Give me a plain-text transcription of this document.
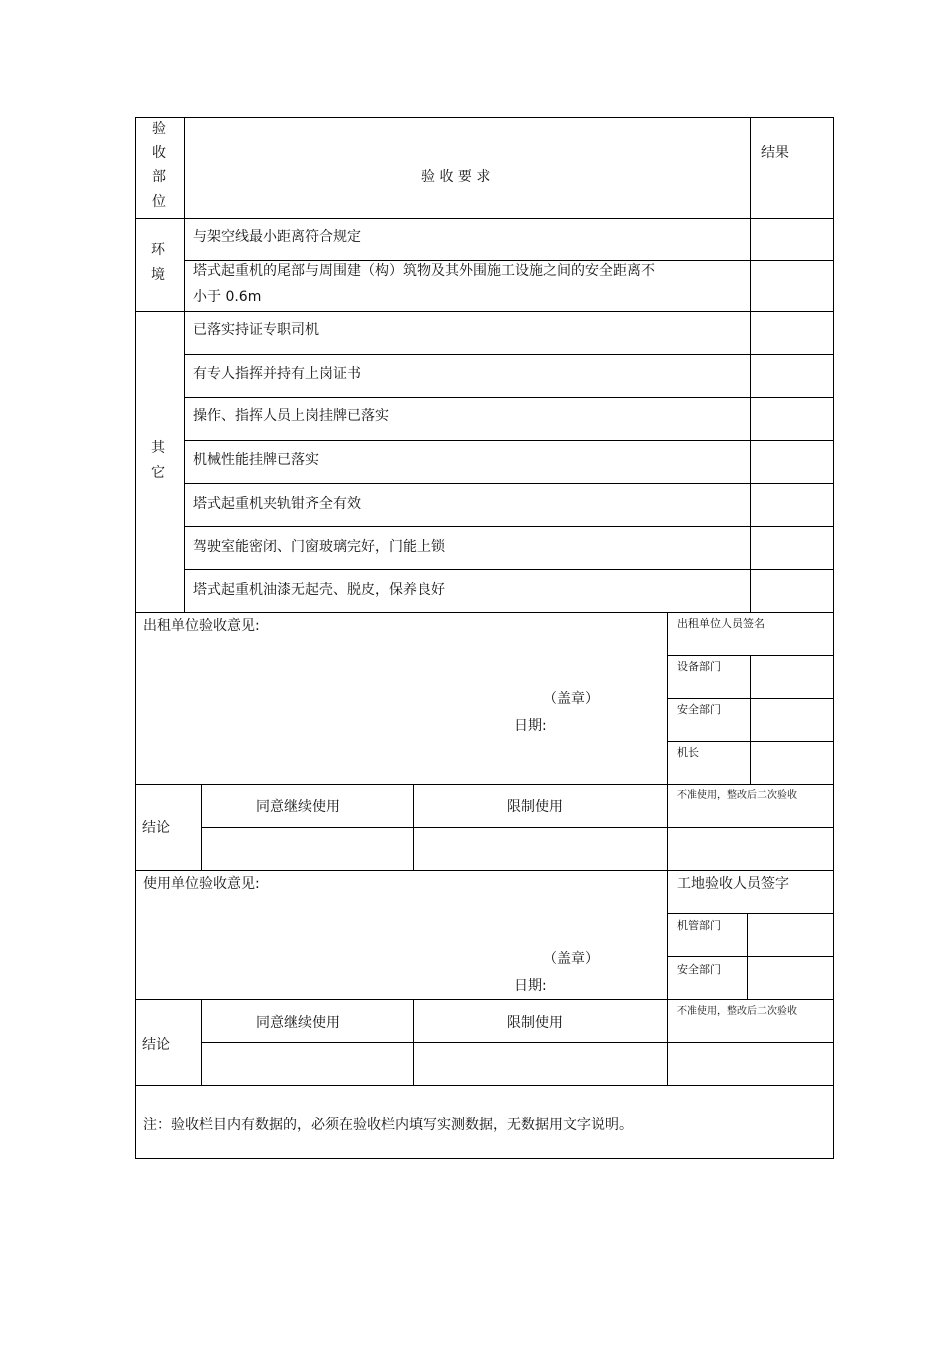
验
收
部
位
验 收 要 求
结果
环
境
与架空线最小距离符合规定
塔式起重机的尾部与周围建（构）筑物及其外围施工设施之间的安全距离不
小于 0.6m
其
它
已落实持证专职司机
有专人指挥并持有上岗证书
操作、指挥人员上岗挂牌已落实
机械性能挂牌已落实
塔式起重机夹轨钳齐全有效
驾驶室能密闭、门窗玻璃完好，门能上锁
塔式起重机油漆无起壳、脱皮，保养良好
出租单位验收意见:
（盖章）
日期:
出租单位人员签名
设备部门
安全部门
机长
结论
同意继续使用	限制使用
不准使用，整改后二次验收
使用单位验收意见:
（盖章）
日期:
工地验收人员签字
机管部门
安全部门
结论
同意继续使用	限制使用
不准使用，整改后二次验收
注：验收栏目内有数据的，必须在验收栏内填写实测数据，无数据用文字说明。
